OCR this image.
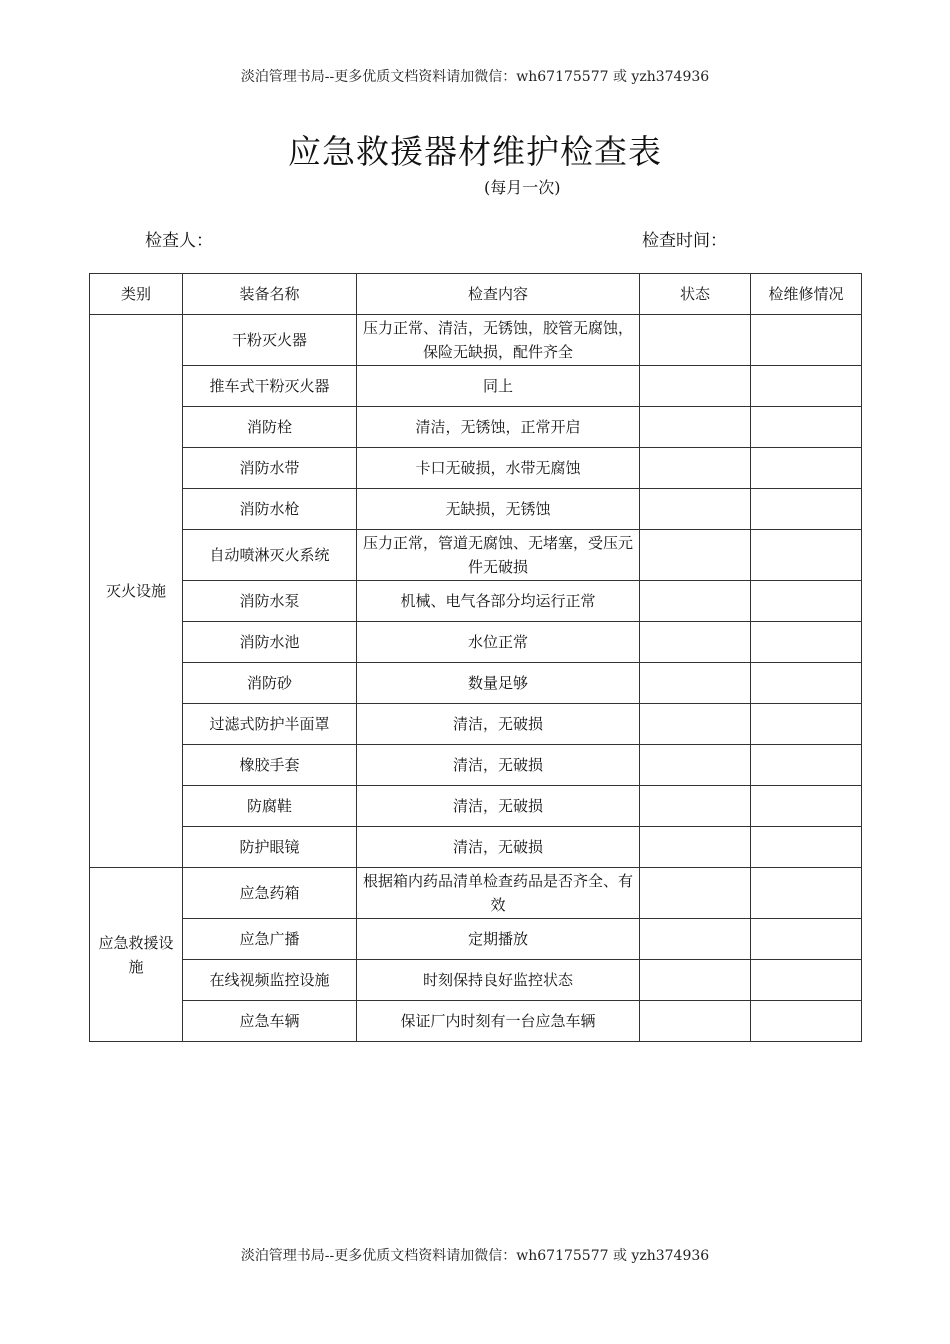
淡泊管理书局--更多优质文档资料请加微信：wh67175577 或 yzh374936
应急救援器材维护检查表
(每月一次)
检查人：	检查时间：
类别	装备名称	检查内容	状态	检维修情况
灭火设施	干粉灭火器	压力正常、清洁，无锈蚀，胶管无腐蚀，保险无缺损，配件齐全		
	推车式干粉灭火器	同上		
	消防栓	清洁，无锈蚀，正常开启		
	消防水带	卡口无破损，水带无腐蚀		
	消防水枪	无缺损，无锈蚀		
	自动喷淋灭火系统	压力正常，管道无腐蚀、无堵塞，受压元件无破损		
	消防水泵	机械、电气各部分均运行正常		
	消防水池	水位正常		
	消防砂	数量足够		
	过滤式防护半面罩	清洁，无破损		
	橡胶手套	清洁，无破损		
	防腐鞋	清洁，无破损		
	防护眼镜	清洁，无破损		
应急救援设施	应急药箱	根据箱内药品清单检查药品是否齐全、有效		
	应急广播	定期播放		
	在线视频监控设施	时刻保持良好监控状态		
	应急车辆	保证厂内时刻有一台应急车辆		
淡泊管理书局--更多优质文档资料请加微信：wh67175577 或 yzh374936
